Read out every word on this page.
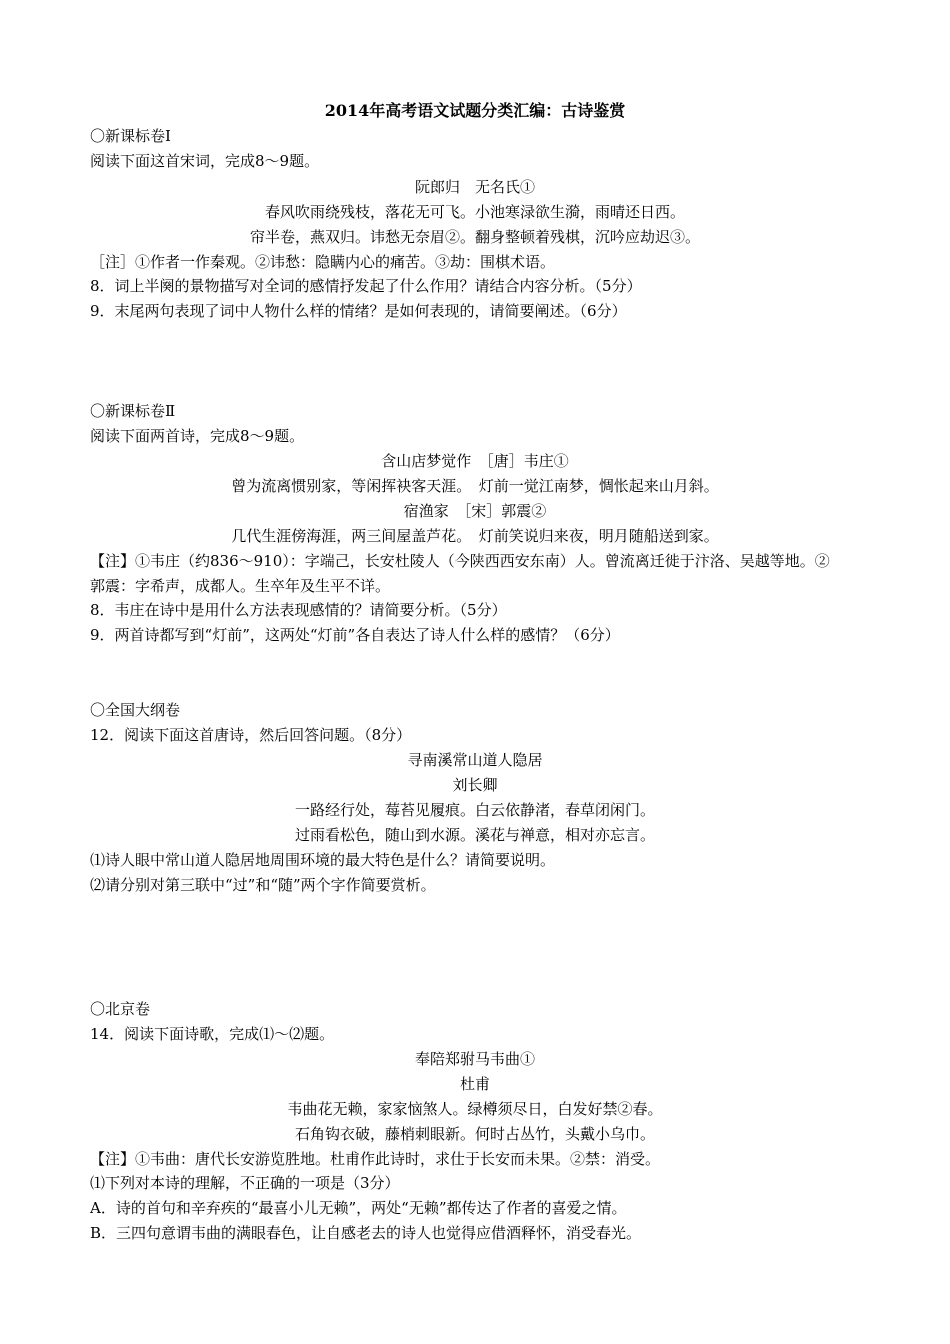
2014年高考语文试题分类汇编：古诗鉴赏
〇新课标卷Ⅰ
阅读下面这首宋词，完成8～9题。
阮郎归　无名氏①
春风吹雨绕残枝，落花无可飞。小池寒渌欲生漪，雨晴还日西。
帘半卷，燕双归。讳愁无奈眉②。翻身整顿着残棋，沉吟应劫迟③。
［注］①作者一作秦观。②讳愁：隐瞒内心的痛苦。③劫：围棋术语。
8．词上半阕的景物描写对全词的感情抒发起了什么作用？请结合内容分析。（5分）
9．末尾两句表现了词中人物什么样的情绪？是如何表现的，请简要阐述。（6分）
〇新课标卷Ⅱ
阅读下面两首诗，完成8～9题。
含山店梦觉作　［唐］韦庄①
曾为流离惯别家，等闲挥袂客天涯。　灯前一觉江南梦，惆怅起来山月斜。
宿渔家　［宋］郭震②
几代生涯傍海涯，两三间屋盖芦花。　灯前笑说归来夜，明月随船送到家。
【注】①韦庄（约836～910）：字端己，长安杜陵人（今陕西西安东南）人。曾流离迁徙于汴洛、吴越等地。②
郭震：字希声，成都人。生卒年及生平不详。
8．韦庄在诗中是用什么方法表现感情的？请简要分析。（5分）
9．两首诗都写到“灯前”，这两处“灯前”各自表达了诗人什么样的感情？（6分）
〇全国大纲卷
12．阅读下面这首唐诗，然后回答问题。（8分）
寻南溪常山道人隐居
刘长卿
一路经行处，莓苔见履痕。白云依静渚，春草闭闲门。
过雨看松色，随山到水源。溪花与禅意，相对亦忘言。
⑴诗人眼中常山道人隐居地周围环境的最大特色是什么？请简要说明。
⑵请分别对第三联中“过”和“随”两个字作简要赏析。
〇北京卷
14．阅读下面诗歌，完成⑴～⑵题。
奉陪郑驸马韦曲①
杜甫
韦曲花无赖，家家恼煞人。绿樽须尽日，白发好禁②春。
石角钩衣破，藤梢刺眼新。何时占丛竹，头戴小乌巾。
【注】①韦曲：唐代长安游览胜地。杜甫作此诗时，求仕于长安而未果。②禁：消受。
⑴下列对本诗的理解，不正确的一项是（3分）
A．诗的首句和辛弃疾的“最喜小儿无赖”，两处“无赖”都传达了作者的喜爱之情。
B．三四句意谓韦曲的满眼春色，让自感老去的诗人也觉得应借酒释怀，消受春光。
